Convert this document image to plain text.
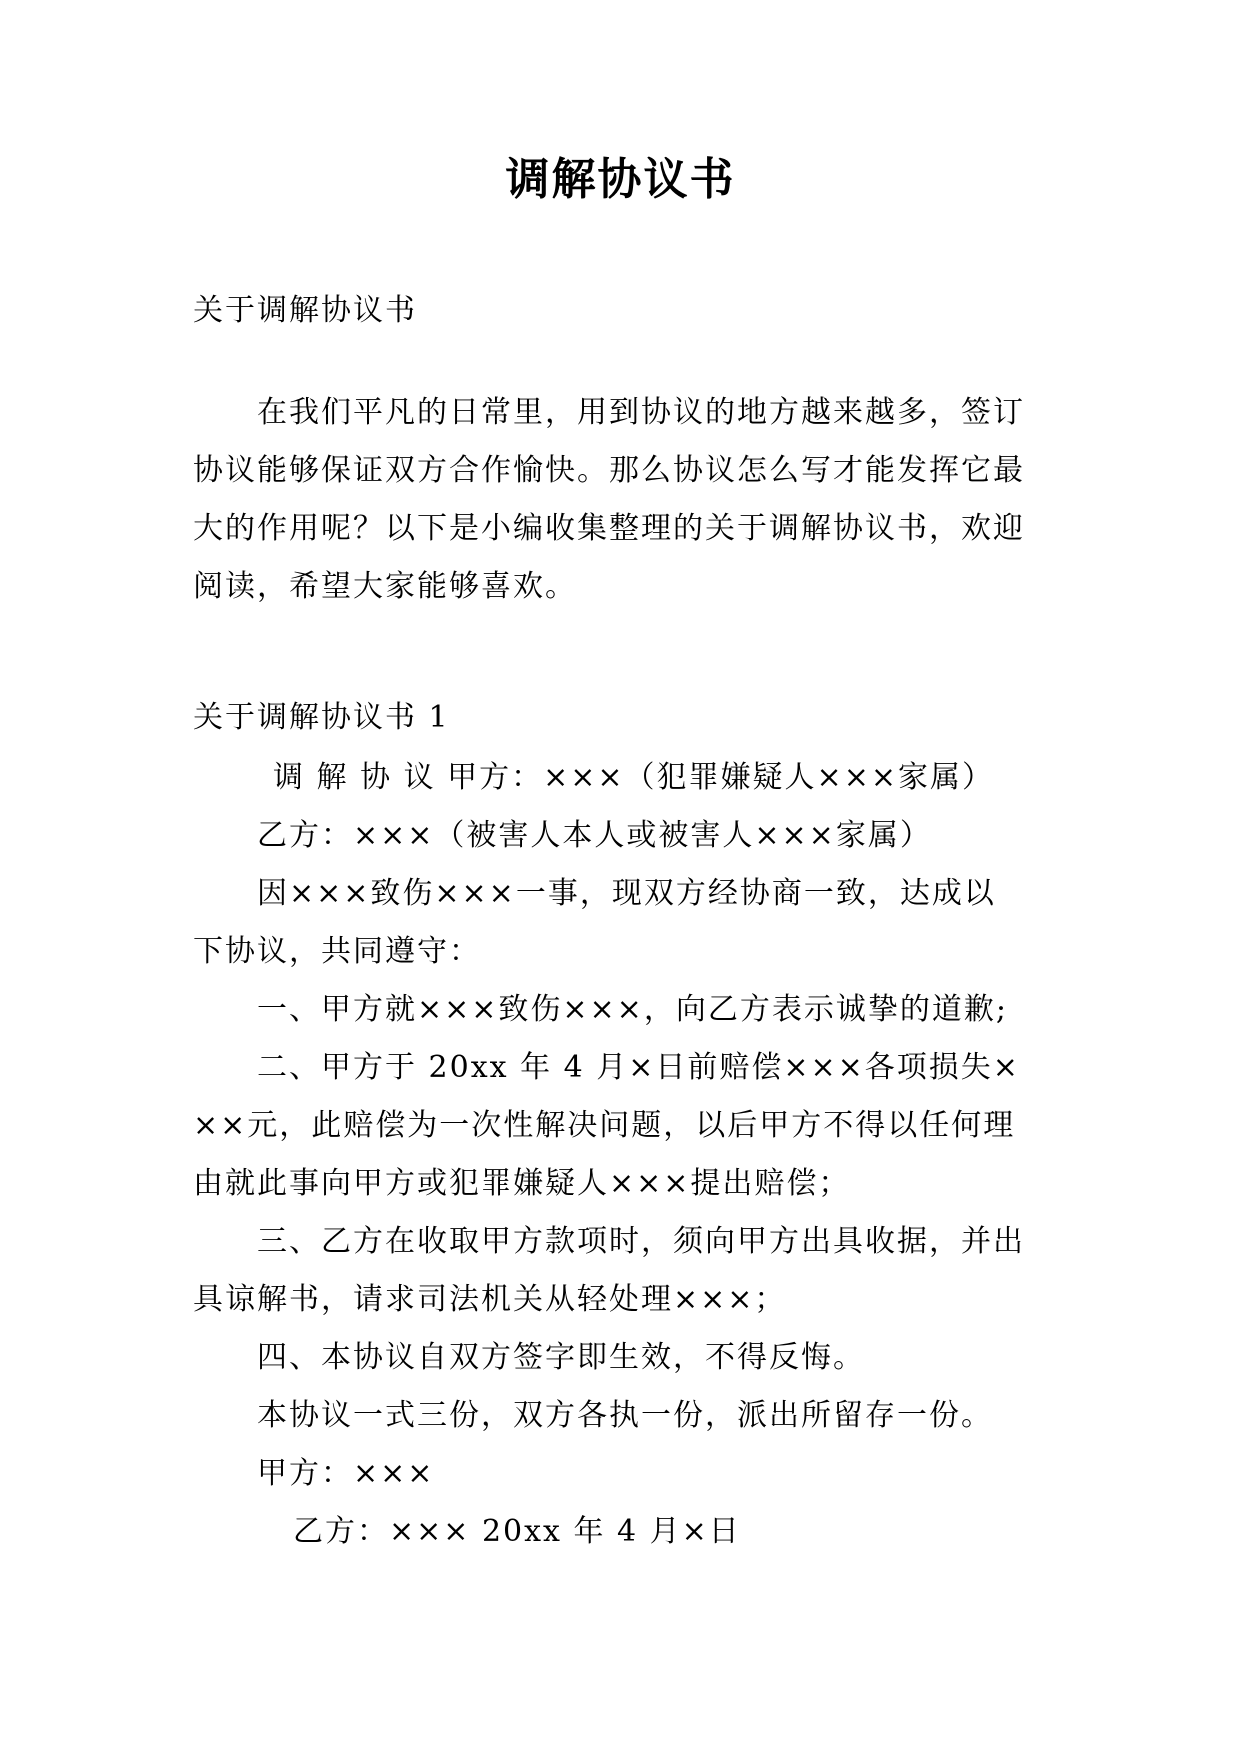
调解协议书
关于调解协议书
在我们平凡的日常里，用到协议的地方越来越多，签订
协议能够保证双方合作愉快。那么协议怎么写才能发挥它最
大的作用呢？以下是小编收集整理的关于调解协议书，欢迎
阅读，希望大家能够喜欢。
关于调解协议书 1
调 解 协 议 甲方：×××（犯罪嫌疑人×××家属）
乙方：×××（被害人本人或被害人×××家属）
因×××致伤×××一事，现双方经协商一致，达成以
下协议，共同遵守：
一、甲方就×××致伤×××，向乙方表示诚挚的道歉;
二、甲方于 20xx 年 4 月×日前赔偿×××各项损失×
××元，此赔偿为一次性解决问题，以后甲方不得以任何理
由就此事向甲方或犯罪嫌疑人×××提出赔偿；
三、乙方在收取甲方款项时，须向甲方出具收据，并出
具谅解书，请求司法机关从轻处理×××；
四、本协议自双方签字即生效，不得反悔。
本协议一式三份，双方各执一份，派出所留存一份。
甲方：×××
乙方：××× 20xx 年 4 月×日
